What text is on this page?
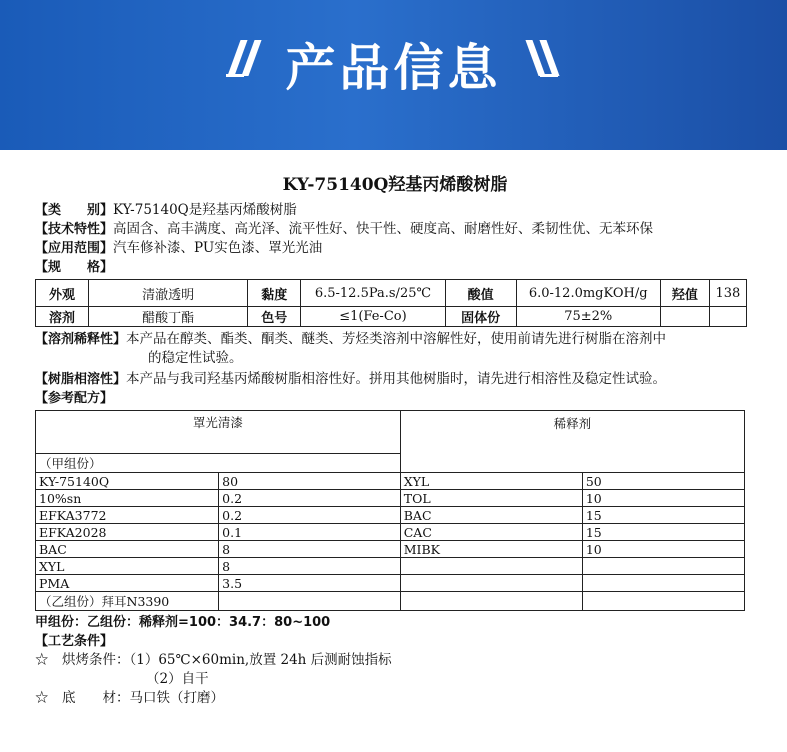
产品信息
KY-75140Q羟基丙烯酸树脂
【类　　别】KY-75140Q是羟基丙烯酸树脂
【技术特性】高固含、高丰满度、高光泽、流平性好、快干性、硬度高、耐磨性好、柔韧性优、无苯环保
【应用范围】汽车修补漆、PU实色漆、罩光光油
【规　　格】
外观	清澈透明	黏度	6.5-12.5Pa.s/25℃	酸值	6.0-12.0mgKOH/g	羟值	138
溶剂	醋酸丁酯	色号	≤1(Fe-Co)	固体份	75±2%		
【溶剂稀释性】本产品在醇类、酯类、酮类、醚类、芳烃类溶剂中溶解性好，使用前请先进行树脂在溶剂中
的稳定性试验。
【树脂相溶性】本产品与我司羟基丙烯酸树脂相溶性好。拼用其他树脂时，请先进行相溶性及稳定性试验。
【参考配方】
罩光清漆		稀释剂	
（甲组份）			
KY-75140Q	80	XYL	50
10%sn	0.2	TOL	10
EFKA3772	0.2	BAC	15
EFKA2028	0.1	CAC	15
BAC	8	MIBK	10
XYL	8		
PMA	3.5		
（乙组份）拜耳N3390			
甲组份：乙组份：稀释剂=100：34.7：80~100
【工艺条件】
☆　烘烤条件：（1）65℃×60min,放置 24h 后测耐蚀指标
（2）自干
☆　底　　材：马口铁（打磨）
